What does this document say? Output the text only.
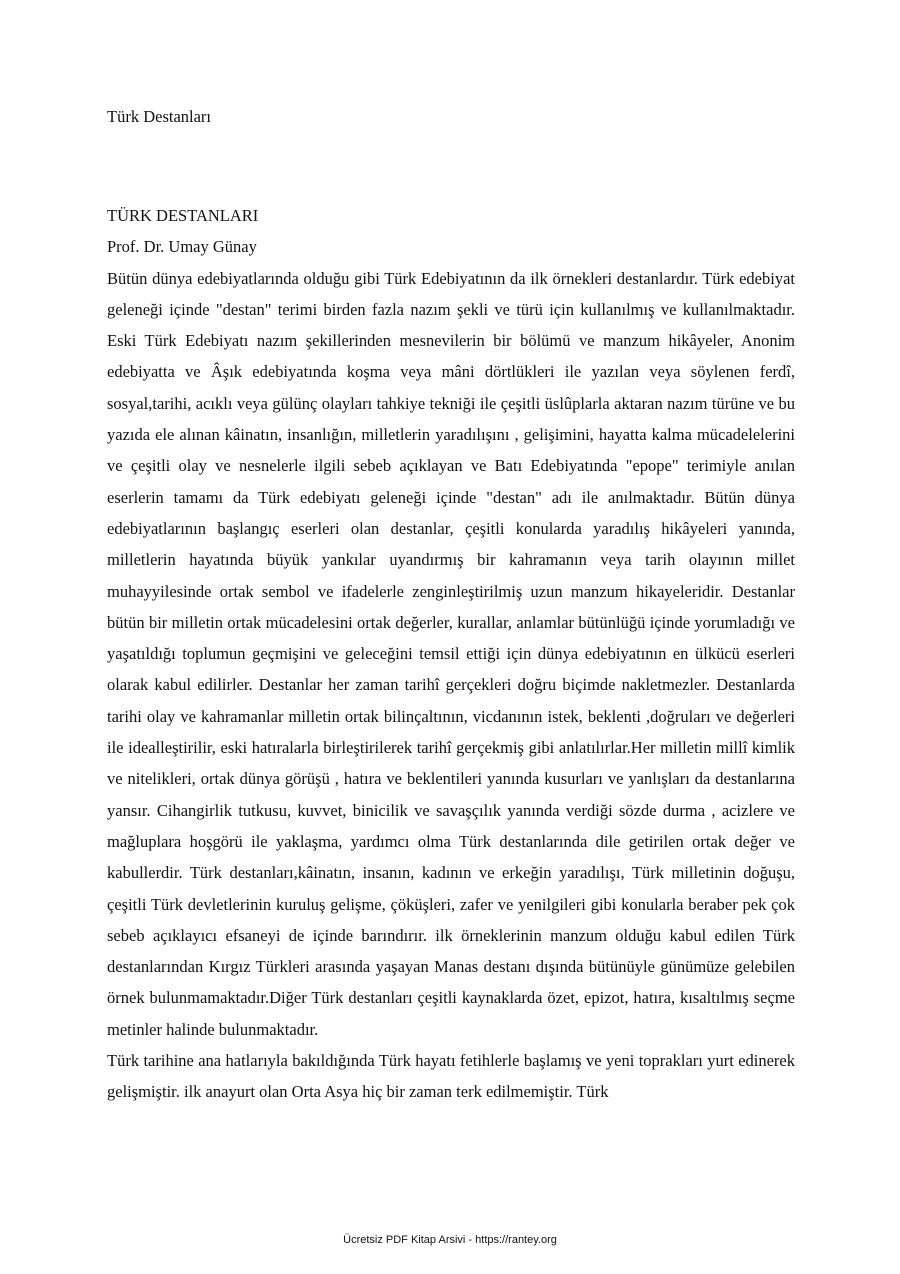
Türk Destanları
TÜRK DESTANLARI
Prof. Dr. Umay Günay

Bütün dünya edebiyatlarında olduğu gibi Türk Edebiyatının da ilk örnekleri destanlardır. Türk edebiyat geleneği içinde "destan" terimi birden fazla nazım şekli ve türü için kullanılmış ve kullanılmaktadır. Eski Türk Edebiyatı nazım şekillerinden mesnevilerin bir bölümü ve manzum hikâyeler, Anonim edebiyatta ve Âşık edebiyatında koşma veya mâni dörtlükleri ile yazılan veya söylenen ferdî, sosyal,tarihi, acıklı veya gülünç olayları tahkiye tekniği ile çeşitli üslûplarla aktaran nazım türüne ve bu yazıda ele alınan kâinatın, insanlığın, milletlerin yaradılışını , gelişimini, hayatta kalma mücadelelerini ve çeşitli olay ve nesnelerle ilgili sebeb açıklayan ve Batı Edebiyatında "epope" terimiyle anılan eserlerin tamamı da Türk edebiyatı geleneği içinde "destan" adı ile anılmaktadır. Bütün dünya edebiyatlarının başlangıç eserleri olan destanlar, çeşitli konularda yaradılış hikâyeleri yanında, milletlerin hayatında büyük yankılar uyandırmış bir kahramanın veya tarih olayının millet muhayyilesinde ortak sembol ve ifadelerle zenginleştirilmiş uzun manzum hikayeleridir. Destanlar bütün bir milletin ortak mücadelesini ortak değerler, kurallar, anlamlar bütünlüğü içinde yorumladığı ve yaşatıldığı toplumun geçmişini ve geleceğini temsil ettiği için dünya edebiyatının en ülkücü eserleri olarak kabul edilirler. Destanlar her zaman tarihî gerçekleri doğru biçimde nakletmezler. Destanlarda tarihi olay ve kahramanlar milletin ortak bilinçaltının, vicdanının istek, beklenti ,doğruları ve değerleri ile idealleştirilir, eski hatıralarla birleştirilerek tarihî gerçekmiş gibi anlatılırlar.Her milletin millî kimlik ve nitelikleri, ortak dünya görüşü , hatıra ve beklentileri yanında kusurları ve yanlışları da destanlarına yansır. Cihangirlik tutkusu, kuvvet, binicilik ve savaşçılık yanında verdiği sözde durma , acizlere ve mağluplara hoşgörü ile yaklaşma, yardımcı olma Türk destanlarında dile getirilen ortak değer ve kabullerdir. Türk destanları,kâinatın, insanın, kadının ve erkeğin yaradılışı, Türk milletinin doğuşu, çeşitli Türk devletlerinin kuruluş gelişme, çöküşleri, zafer ve yenilgileri gibi konularla beraber pek çok sebeb açıklayıcı efsaneyi de içinde barındırır. ilk örneklerinin manzum olduğu kabul edilen Türk destanlarından Kırgız Türkleri arasında yaşayan Manas destanı dışında bütünüyle günümüze gelebilen örnek bulunmamaktadır.Diğer Türk destanları çeşitli kaynaklarda özet, epizot, hatıra, kısaltılmış seçme metinler halinde bulunmaktadır.

Türk tarihine ana hatlarıyla bakıldığında Türk hayatı fetihlerle başlamış ve yeni toprakları yurt edinerek gelişmiştir. ilk anayurt olan Orta Asya hiç bir zaman terk edilmemiştir. Türk

Ücretsiz PDF Kitap Arsivi - https://rantey.org
